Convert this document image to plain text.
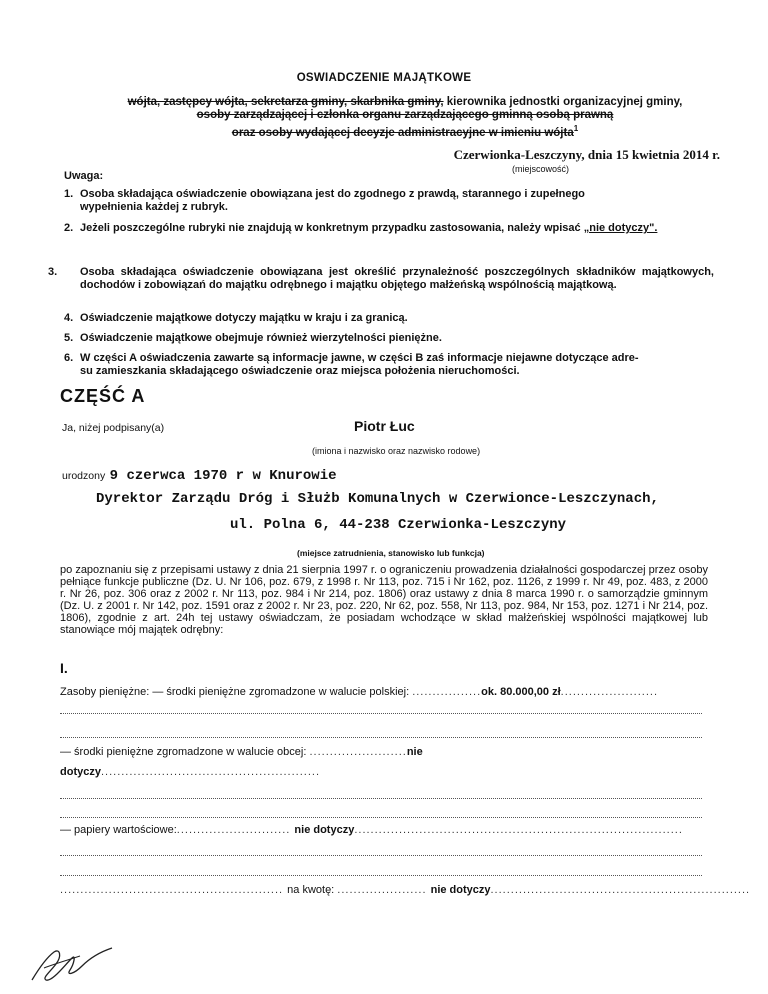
OSWIADCZENIE MAJĄTKOWE
wójta, zastępcy wójta, sekretarza gminy, skarbnika gminy, kierownika jednostki organizacyjnej gminy,
osoby zarządzającej i członka organu zarządzającego gminną osobą prawną
oraz osoby wydającej decyzje administracyjne w imieniu wójta$^1$
Czerwionka-Leszczyny, dnia 15 kwietnia 2014 r.
(miejscowość)
Uwaga:
1. Osoba składająca oświadczenie obowiązana jest do zgodnego z prawdą, starannego i zupełnego
wypełnienia każdej z rubryk.
2. Jeżeli poszczególne rubryki nie znajdują w konkretnym przypadku zastosowania, należy wpisać „nie dotyczy".
3. Osoba składająca oświadczenie obowiązana jest określić przynależność poszczególnych składników majątkowych, dochodów i zobowiązań do majątku odrębnego i majątku objętego małżeńską wspólnością majątkową.
4. Oświadczenie majątkowe dotyczy majątku w kraju i za granicą.
5. Oświadczenie majątkowe obejmuje również wierzytelności pieniężne.
6. W części A oświadczenia zawarte są informacje jawne, w części B zaś informacje niejawne dotyczące adre-
su zamieszkania składającego oświadczenie oraz miejsca położenia nieruchomości.
CZĘŚĆ A
Ja, niżej podpisany(a)	Piotr Łuc
(imiona i nazwisko oraz nazwisko rodowe)
urodzony 9 czerwca 1970 r w Knurowie
Dyrektor Zarządu Dróg i Służb Komunalnych w Czerwionce-Leszczynach,
ul. Polna 6, 44-238 Czerwionka-Leszczyny
(miejsce zatrudnienia, stanowisko lub funkcja)
po zapoznaniu się z przepisami ustawy z dnia 21 sierpnia 1997 r. o ograniczeniu prowadzenia działalności gospodarczej przez osoby pełniące funkcje publiczne (Dz. U. Nr 106, poz. 679, z 1998 r. Nr 113, poz. 715 i Nr 162, poz. 1126, z 1999 r. Nr 49, poz. 483, z 2000 r. Nr 26, poz. 306 oraz z 2002 r. Nr 113, poz. 984 i Nr 214, poz. 1806) oraz ustawy z dnia 8 marca 1990 r. o samorządzie gminnym (Dz. U. z 2001 r. Nr 142, poz. 1591 oraz z 2002 r. Nr 23, poz. 220, Nr 62, poz. 558, Nr 113, poz. 984, Nr 153, poz. 1271 i Nr 214, poz. 1806), zgodnie z art. 24h tej ustawy oświadczam, że posiadam wchodzące w skład małżeńskiej wspólności majątkowej lub stanowiące mój majątek odrębny:
I.
Zasoby pieniężne: — środki pieniężne zgromadzone w walucie polskiej: .................ok. 80.000,00 zł........................
— środki pieniężne zgromadzone w walucie obcej: ........................nie
dotyczy......................................................
— papiery wartościowe:............................ nie dotyczy.................................................................................
....................................................... na kwotę: ...................... nie dotyczy................................................................
